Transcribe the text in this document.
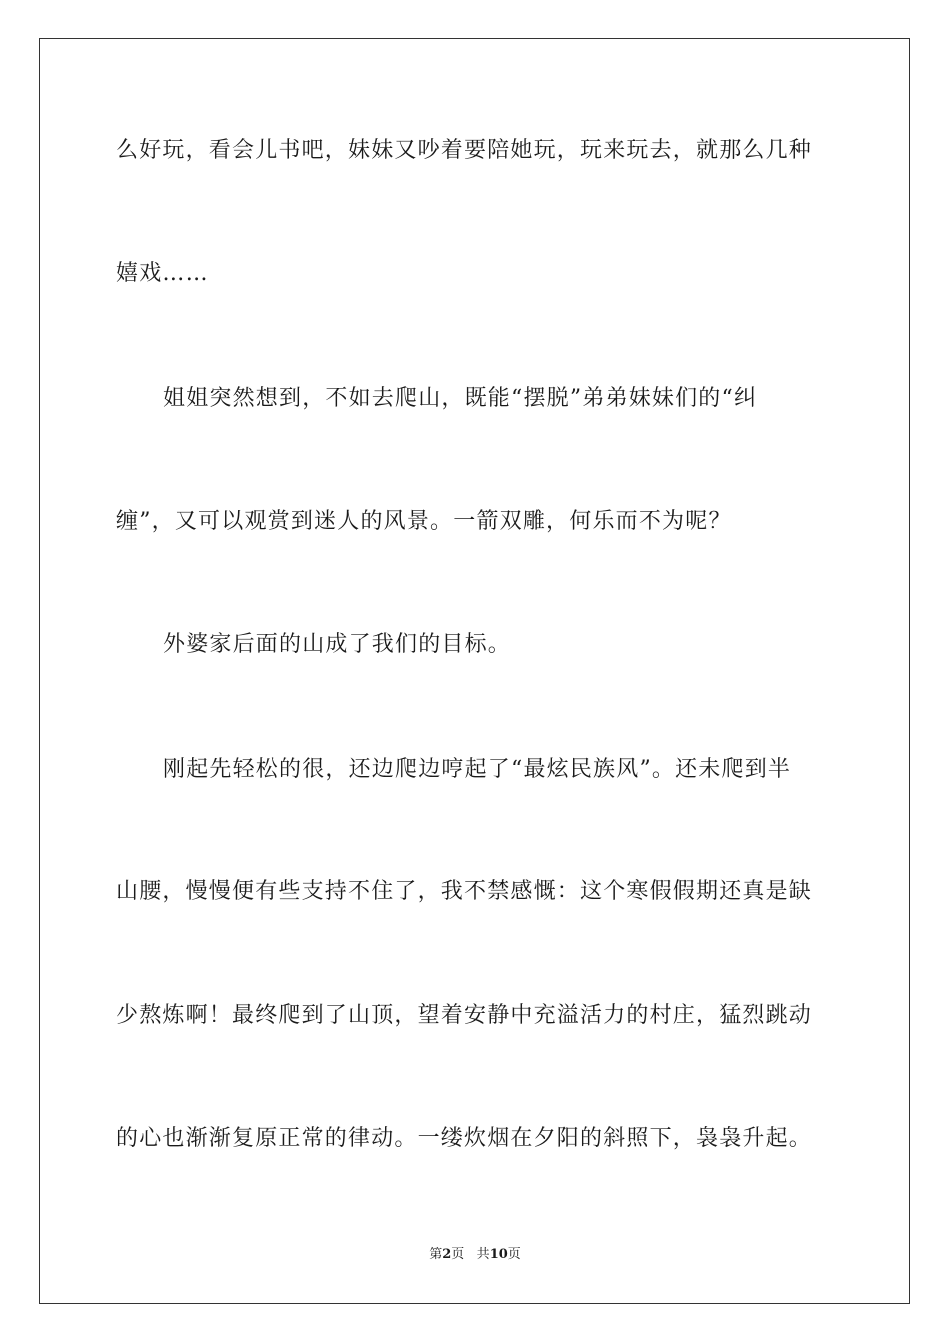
么好玩，看会儿书吧，妹妹又吵着要陪她玩，玩来玩去，就那么几种
嬉戏……
姐姐突然想到，不如去爬山，既能“摆脱”弟弟妹妹们的“纠
缠”，又可以观赏到迷人的风景。一箭双雕，何乐而不为呢？
外婆家后面的山成了我们的目标。
刚起先轻松的很，还边爬边哼起了“最炫民族风”。还未爬到半
山腰，慢慢便有些支持不住了，我不禁感慨：这个寒假假期还真是缺
少熬炼啊！最终爬到了山顶，望着安静中充溢活力的村庄，猛烈跳动
的心也渐渐复原正常的律动。一缕炊烟在夕阳的斜照下，袅袅升起。
第2页 共10页
